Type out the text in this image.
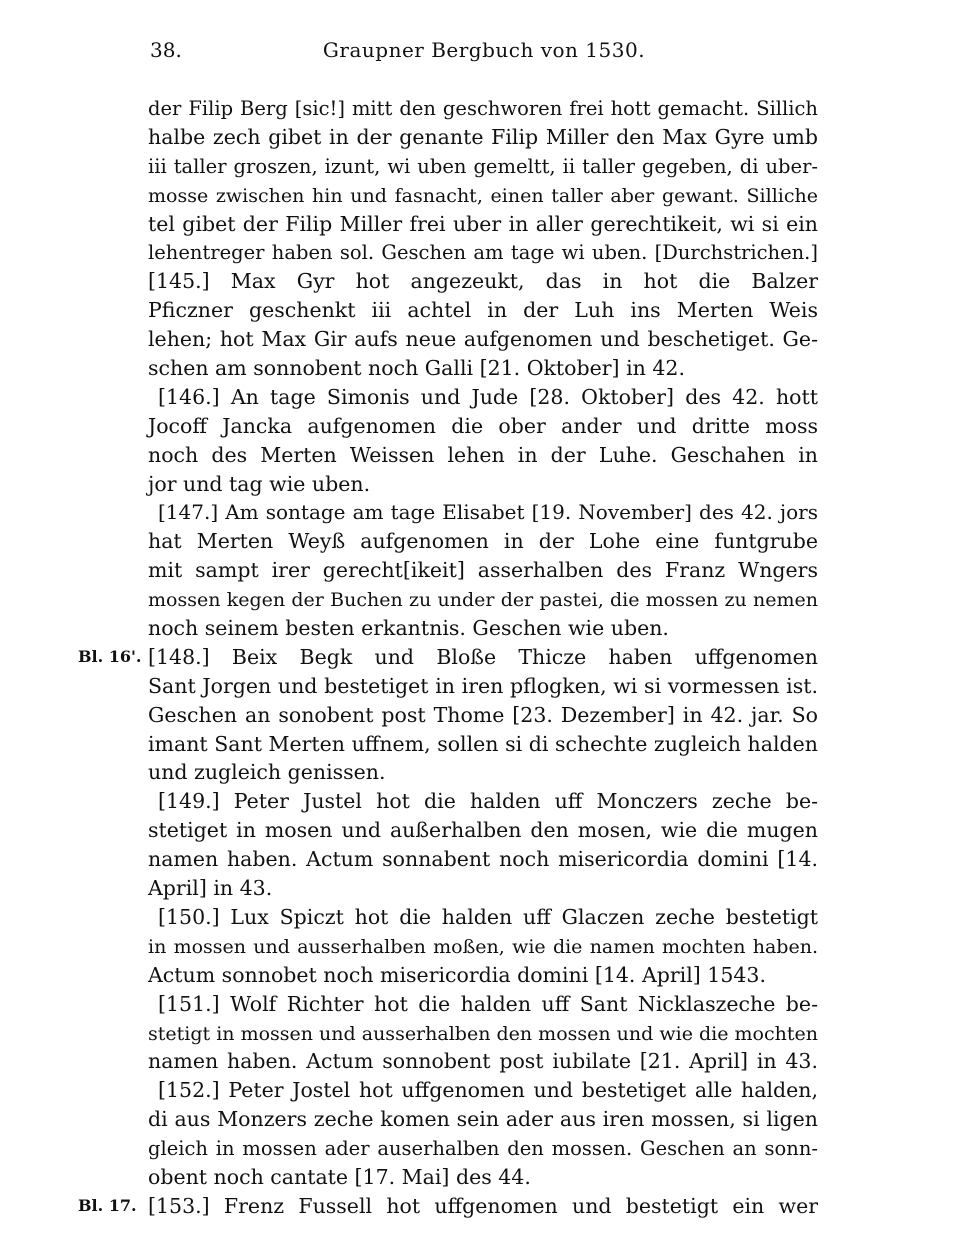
38.	Graupner Bergbuch von 1530.
der Filip Berg [sic!] mitt den geschworen frei hott gemacht. Sillich
halbe zech gibet in der genante Filip Miller den Max Gyre umb
iii taller groszen, izunt, wi uben gemeltt, ii taller gegeben, di uber-
mosse zwischen hin und fasnacht, einen taller aber gewant. Silliche
tel gibet der Filip Miller frei uber in aller gerechtikeit, wi si ein
lehentreger haben sol. Geschen am tage wi uben. [Durchstrichen.]
[145.] Max Gyr hot angezeukt, das in hot die Balzer
Pficzner geschenkt iii achtel in der Luh ins Merten Weis
lehen; hot Max Gir aufs neue aufgenomen und beschetiget. Ge-
schen am sonnobent noch Galli [21. Oktober] in 42.
[146.] An tage Simonis und Jude [28. Oktober] des 42. hott
Jocoff Jancka aufgenomen die ober ander und dritte moss
noch des Merten Weissen lehen in der Luhe. Geschahen in
jor und tag wie uben.
[147.] Am sontage am tage Elisabet [19. November] des 42. jors
hat Merten Weyß aufgenomen in der Lohe eine funtgrube
mit sampt irer gerecht[ikeit] asserhalben des Franz Wngers
mossen kegen der Buchen zu under der pastei, die mossen zu nemen
noch seinem besten erkantnis. Geschen wie uben.
Bl. 16'. [148.] Beix Begk und Bloße Thicze haben uffgenomen
Sant Jorgen und bestetiget in iren pflogken, wi si vormessen ist.
Geschen an sonobent post Thome [23. Dezember] in 42. jar. So
imant Sant Merten uffnem, sollen si di schechte zugleich halden
und zugleich genissen.
[149.] Peter Justel hot die halden uff Monczers zeche be-
stetiget in mosen und außerhalben den mosen, wie die mugen
namen haben. Actum sonnabent noch misericordia domini [14.
April] in 43.
[150.] Lux Spiczt hot die halden uff Glaczen zeche bestetigt
in mossen und ausserhalben moßen, wie die namen mochten haben.
Actum sonnobet noch misericordia domini [14. April] 1543.
[151.] Wolf Richter hot die halden uff Sant Nicklaszeche be-
stetigt in mossen und ausserhalben den mossen und wie die mochten
namen haben. Actum sonnobent post iubilate [21. April] in 43.
[152.] Peter Jostel hot uffgenomen und bestetiget alle halden,
di aus Monzers zeche komen sein ader aus iren mossen, si ligen
gleich in mossen ader auserhalben den mossen. Geschen an sonn-
obent noch cantate [17. Mai] des 44.
Bl. 17. [153.] Frenz Fussell hot uffgenomen und bestetigt ein wer
